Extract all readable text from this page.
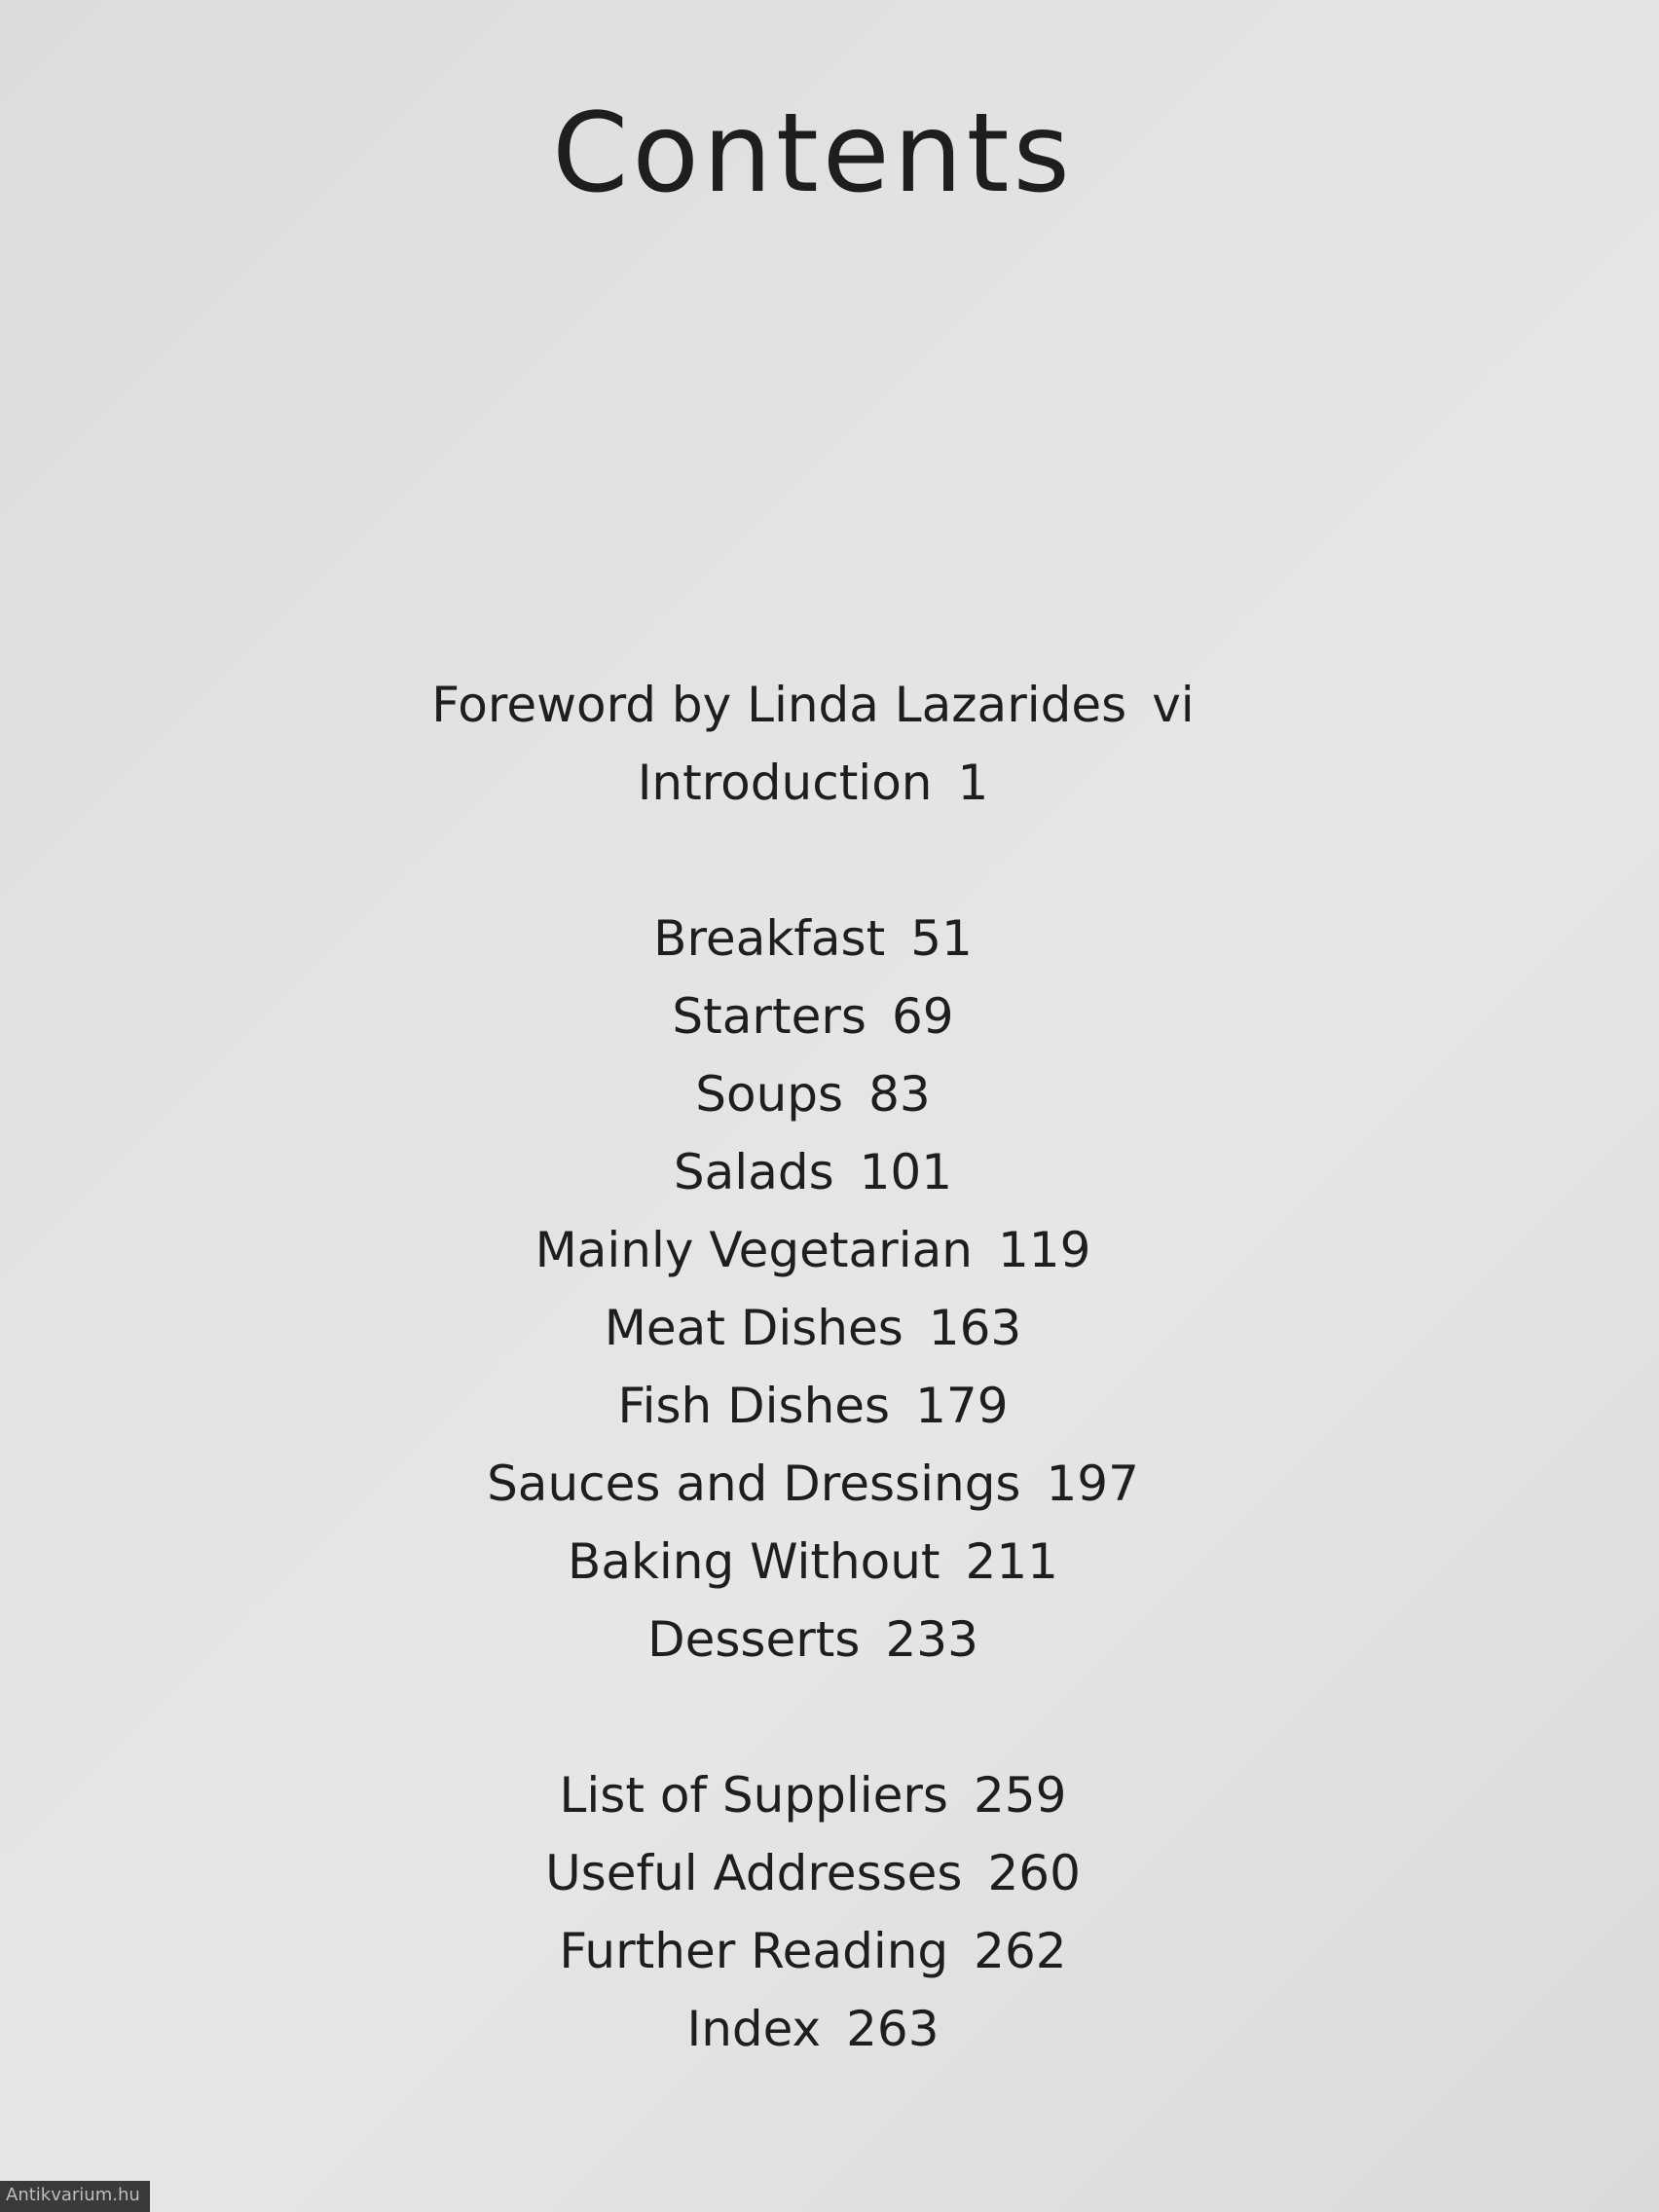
Contents
Foreword by Linda Lazarides vi
Introduction 1
Breakfast 51
Starters 69
Soups 83
Salads 101
Mainly Vegetarian 119
Meat Dishes 163
Fish Dishes 179
Sauces and Dressings 197
Baking Without 211
Desserts 233
List of Suppliers 259
Useful Addresses 260
Further Reading 262
Index 263
Antikvarium.hu
